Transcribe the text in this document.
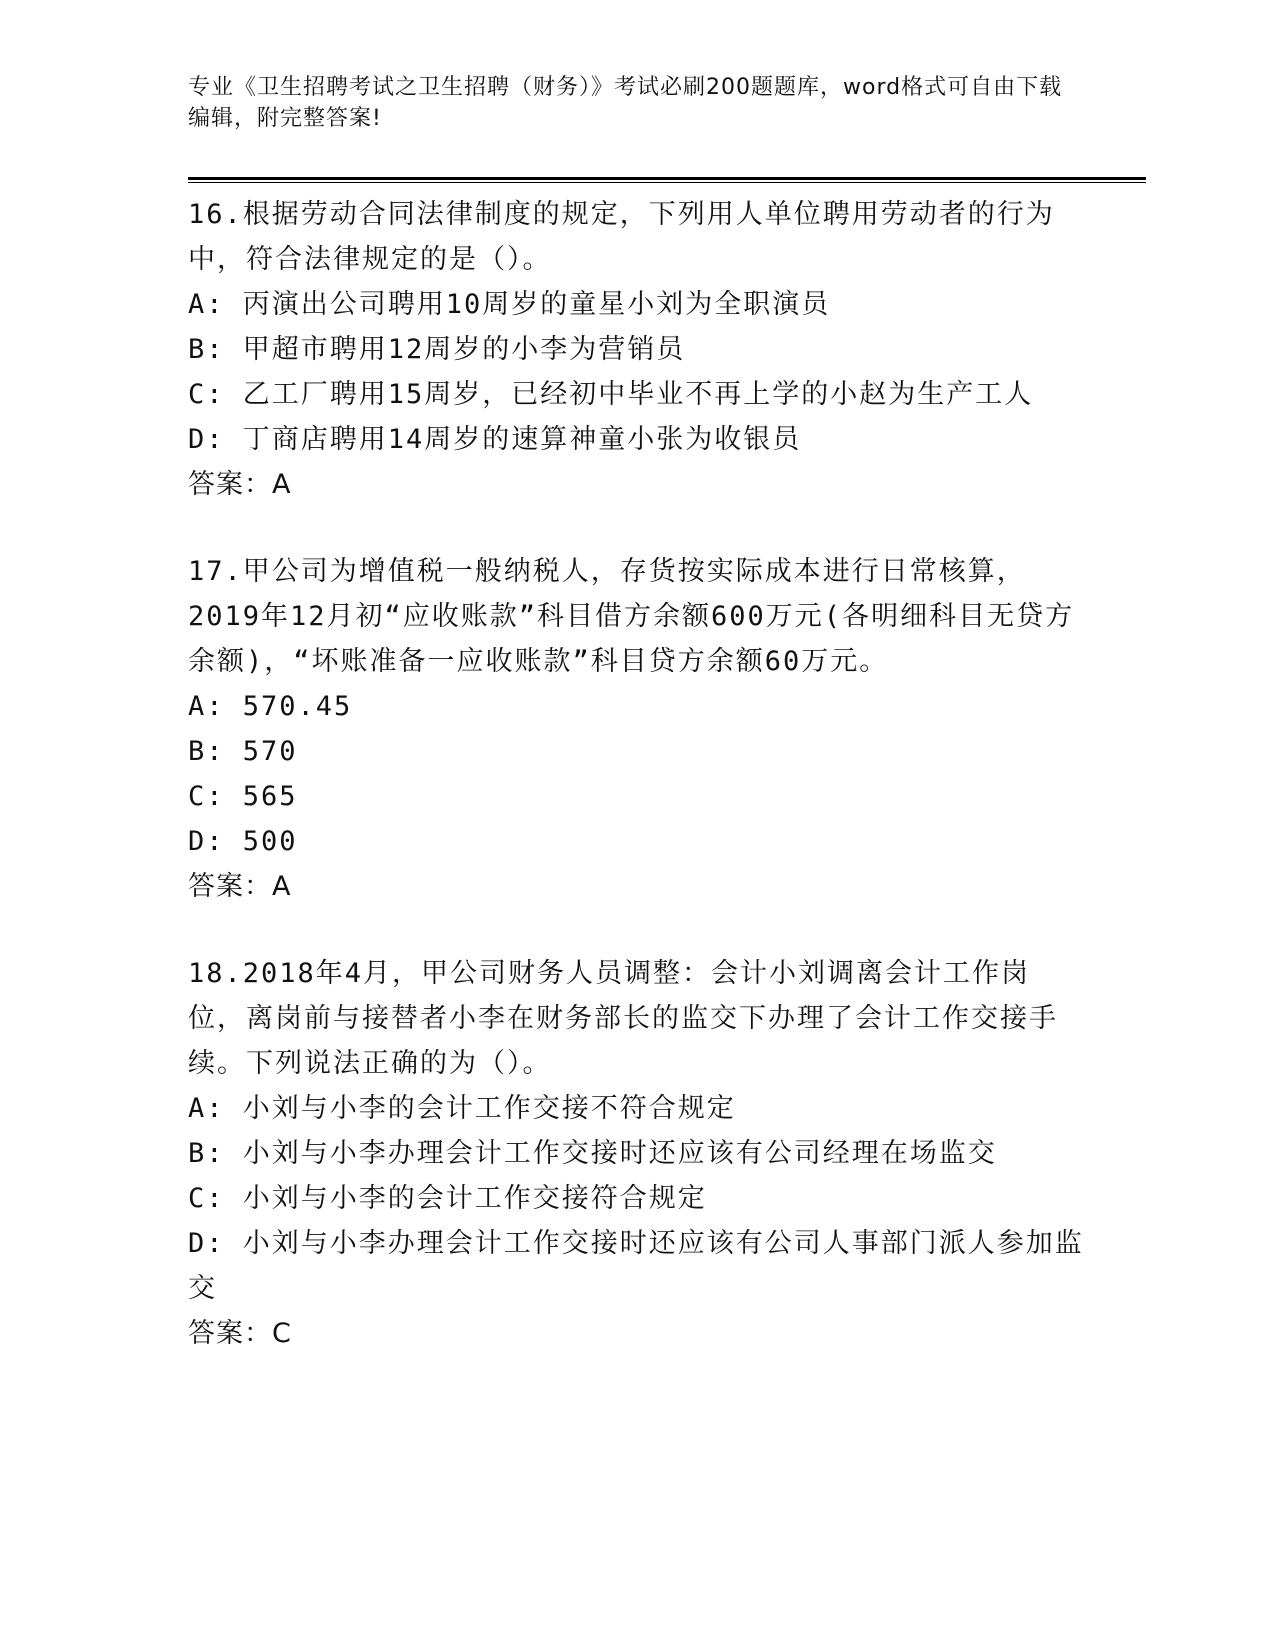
专业《卫生招聘考试之卫生招聘（财务）》考试必刷200题题库，word格式可自由下载编辑，附完整答案!

16.根据劳动合同法律制度的规定，下列用人单位聘用劳动者的行为中，符合法律规定的是（）。

A: 丙演出公司聘用10周岁的童星小刘为全职演员

B: 甲超市聘用12周岁的小李为营销员

C: 乙工厂聘用15周岁，已经初中毕业不再上学的小赵为生产工人

D: 丁商店聘用14周岁的速算神童小张为收银员

答案：A

17.甲公司为增值税一般纳税人，存货按实际成本进行日常核算，2019年12月初“应收账款”科目借方余额600万元(各明细科目无贷方余额)，“坏账准备一应收账款”科目贷方余额60万元。

A: 570.45

B: 570

C: 565

D: 500

答案：A

18.2018年4月，甲公司财务人员调整：会计小刘调离会计工作岗位，离岗前与接替者小李在财务部长的监交下办理了会计工作交接手续。下列说法正确的为（）。

A: 小刘与小李的会计工作交接不符合规定

B: 小刘与小李办理会计工作交接时还应该有公司经理在场监交

C: 小刘与小李的会计工作交接符合规定

D: 小刘与小李办理会计工作交接时还应该有公司人事部门派人参加监交

答案：C
